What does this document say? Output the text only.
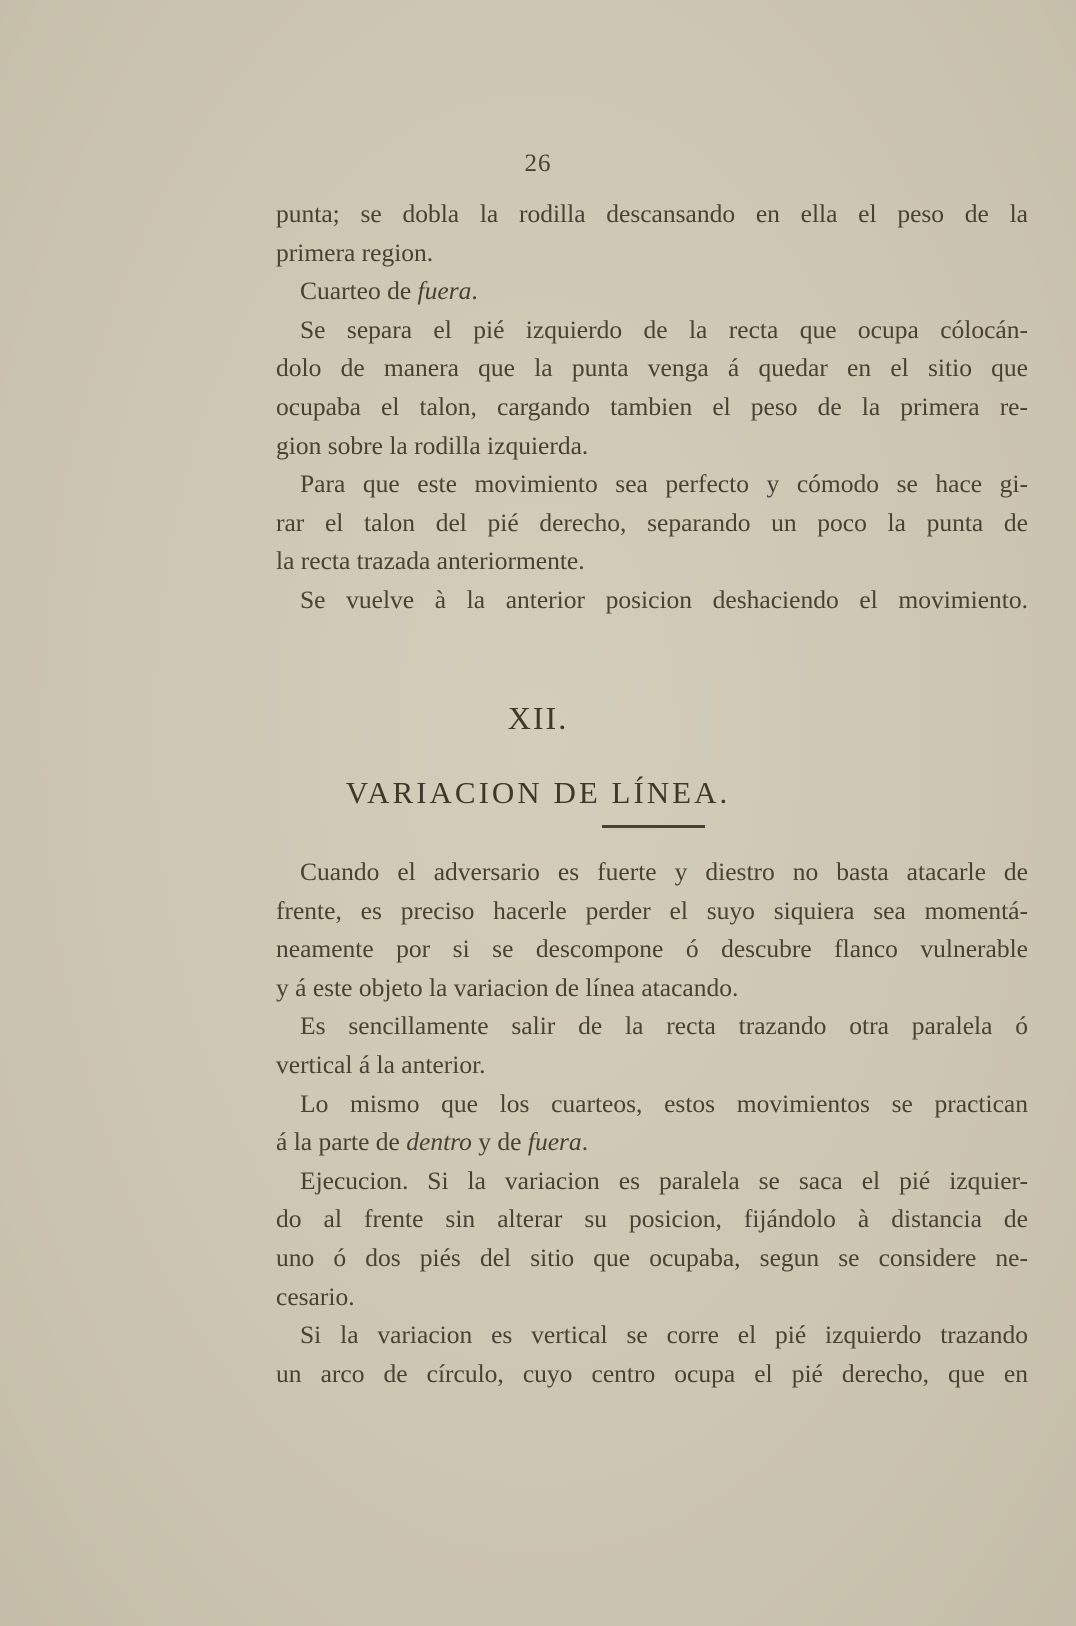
26
punta; se dobla la rodilla descansando en ella el peso de la
primera region.
Cuarteo de fuera.
Se separa el pié izquierdo de la recta que ocupa cólocán-
dolo de manera que la punta venga á quedar en el sitio que
ocupaba el talon, cargando tambien el peso de la primera re-
gion sobre la rodilla izquierda.
Para que este movimiento sea perfecto y cómodo se hace gi-
rar el talon del pié derecho, separando un poco la punta de
la recta trazada anteriormente.
Se vuelve à la anterior posicion deshaciendo el movimiento.
XII.
VARIACION DE LÍNEA.
Cuando el adversario es fuerte y diestro no basta atacarle de
frente, es preciso hacerle perder el suyo siquiera sea momentá-
neamente por si se descompone ó descubre flanco vulnerable
y á este objeto la variacion de línea atacando.
Es sencillamente salir de la recta trazando otra paralela ó
vertical á la anterior.
Lo mismo que los cuarteos, estos movimientos se practican
á la parte de dentro y de fuera.
Ejecucion. Si la variacion es paralela se saca el pié izquier-
do al frente sin alterar su posicion, fijándolo à distancia de
uno ó dos piés del sitio que ocupaba, segun se considere ne-
cesario.
Si la variacion es vertical se corre el pié izquierdo trazando
un arco de círculo, cuyo centro ocupa el pié derecho, que en
